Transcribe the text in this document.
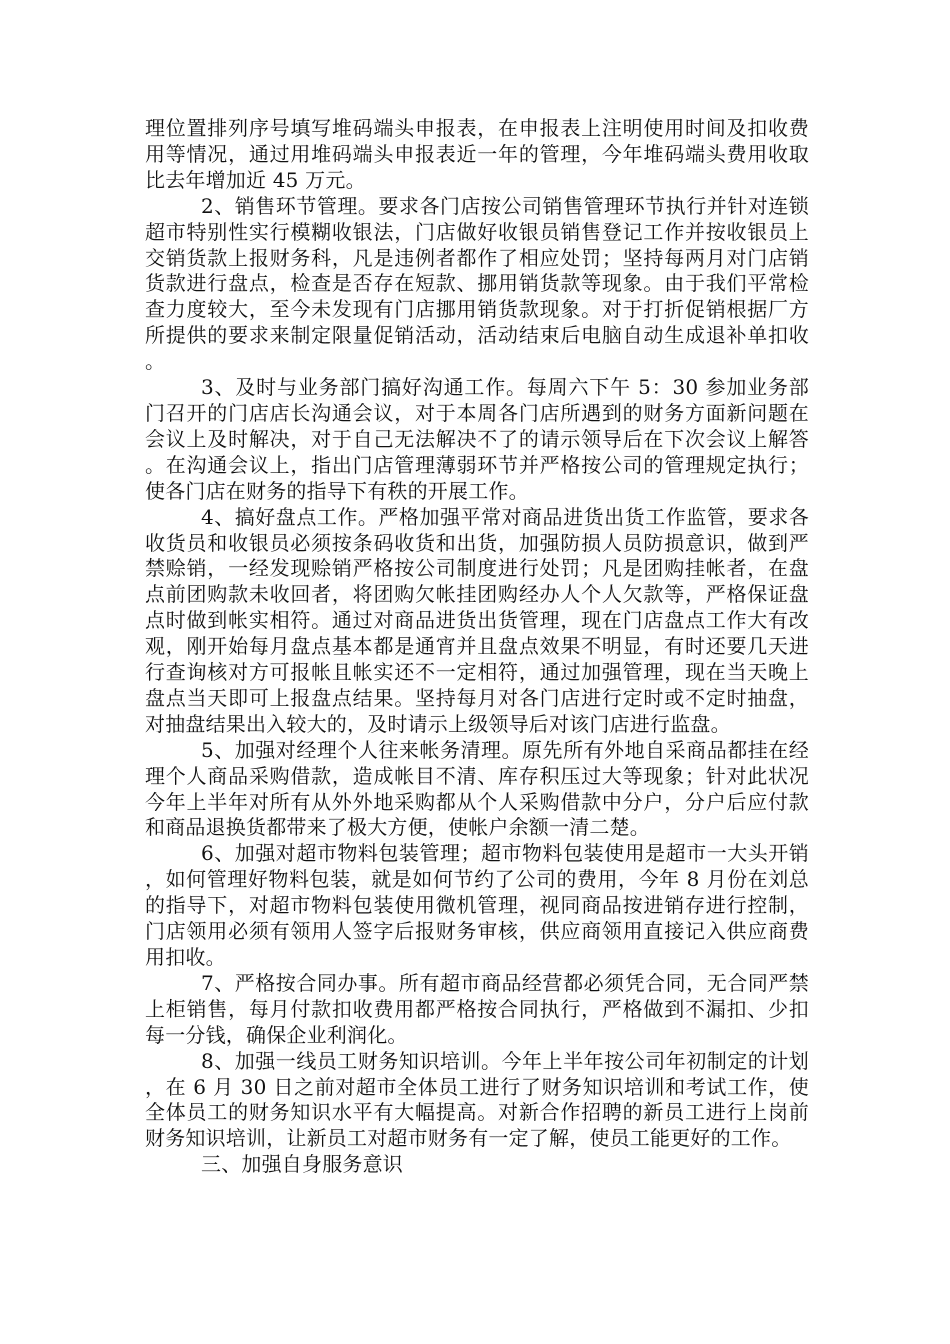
理位置排列序号填写堆码端头申报表，在申报表上注明使用时间及扣收费用等情况，通过用堆码端头申报表近一年的管理，今年堆码端头费用收取比去年增加近 45 万元。

2、销售环节管理。要求各门店按公司销售管理环节执行并针对连锁超市特别性实行模糊收银法，门店做好收银员销售登记工作并按收银员上交销货款上报财务科，凡是违例者都作了相应处罚；坚持每两月对门店销货款进行盘点，检查是否存在短款、挪用销货款等现象。由于我们平常检查力度较大，至今未发现有门店挪用销货款现象。对于打折促销根据厂方所提供的要求来制定限量促销活动，活动结束后电脑自动生成退补单扣收。

3、及时与业务部门搞好沟通工作。每周六下午 5：30 参加业务部门召开的门店店长沟通会议，对于本周各门店所遇到的财务方面新问题在会议上及时解决，对于自己无法解决不了的请示领导后在下次会议上解答。在沟通会议上，指出门店管理薄弱环节并严格按公司的管理规定执行；使各门店在财务的指导下有秩的开展工作。

4、搞好盘点工作。严格加强平常对商品进货出货工作监管，要求各收货员和收银员必须按条码收货和出货，加强防损人员防损意识，做到严禁赊销，一经发现赊销严格按公司制度进行处罚；凡是团购挂帐者，在盘点前团购款未收回者，将团购欠帐挂团购经办人个人欠款等，严格保证盘点时做到帐实相符。通过对商品进货出货管理，现在门店盘点工作大有改观，刚开始每月盘点基本都是通宵并且盘点效果不明显，有时还要几天进行查询核对方可报帐且帐实还不一定相符，通过加强管理，现在当天晚上盘点当天即可上报盘点结果。坚持每月对各门店进行定时或不定时抽盘，对抽盘结果出入较大的，及时请示上级领导后对该门店进行监盘。

5、加强对经理个人往来帐务清理。原先所有外地自采商品都挂在经理个人商品采购借款，造成帐目不清、库存积压过大等现象；针对此状况今年上半年对所有从外外地采购都从个人采购借款中分户，分户后应付款和商品退换货都带来了极大方便，使帐户余额一清二楚。

6、加强对超市物料包装管理；超市物料包装使用是超市一大头开销，如何管理好物料包装，就是如何节约了公司的费用，今年 8 月份在刘总的指导下，对超市物料包装使用微机管理，视同商品按进销存进行控制，门店领用必须有领用人签字后报财务审核，供应商领用直接记入供应商费用扣收。

7、严格按合同办事。所有超市商品经营都必须凭合同，无合同严禁上柜销售，每月付款扣收费用都严格按合同执行，严格做到不漏扣、少扣每一分钱，确保企业利润化。

8、加强一线员工财务知识培训。今年上半年按公司年初制定的计划，在 6 月 30 日之前对超市全体员工进行了财务知识培训和考试工作，使全体员工的财务知识水平有大幅提高。对新合作招聘的新员工进行上岗前财务知识培训，让新员工对超市财务有一定了解，使员工能更好的工作。

三、加强自身服务意识
